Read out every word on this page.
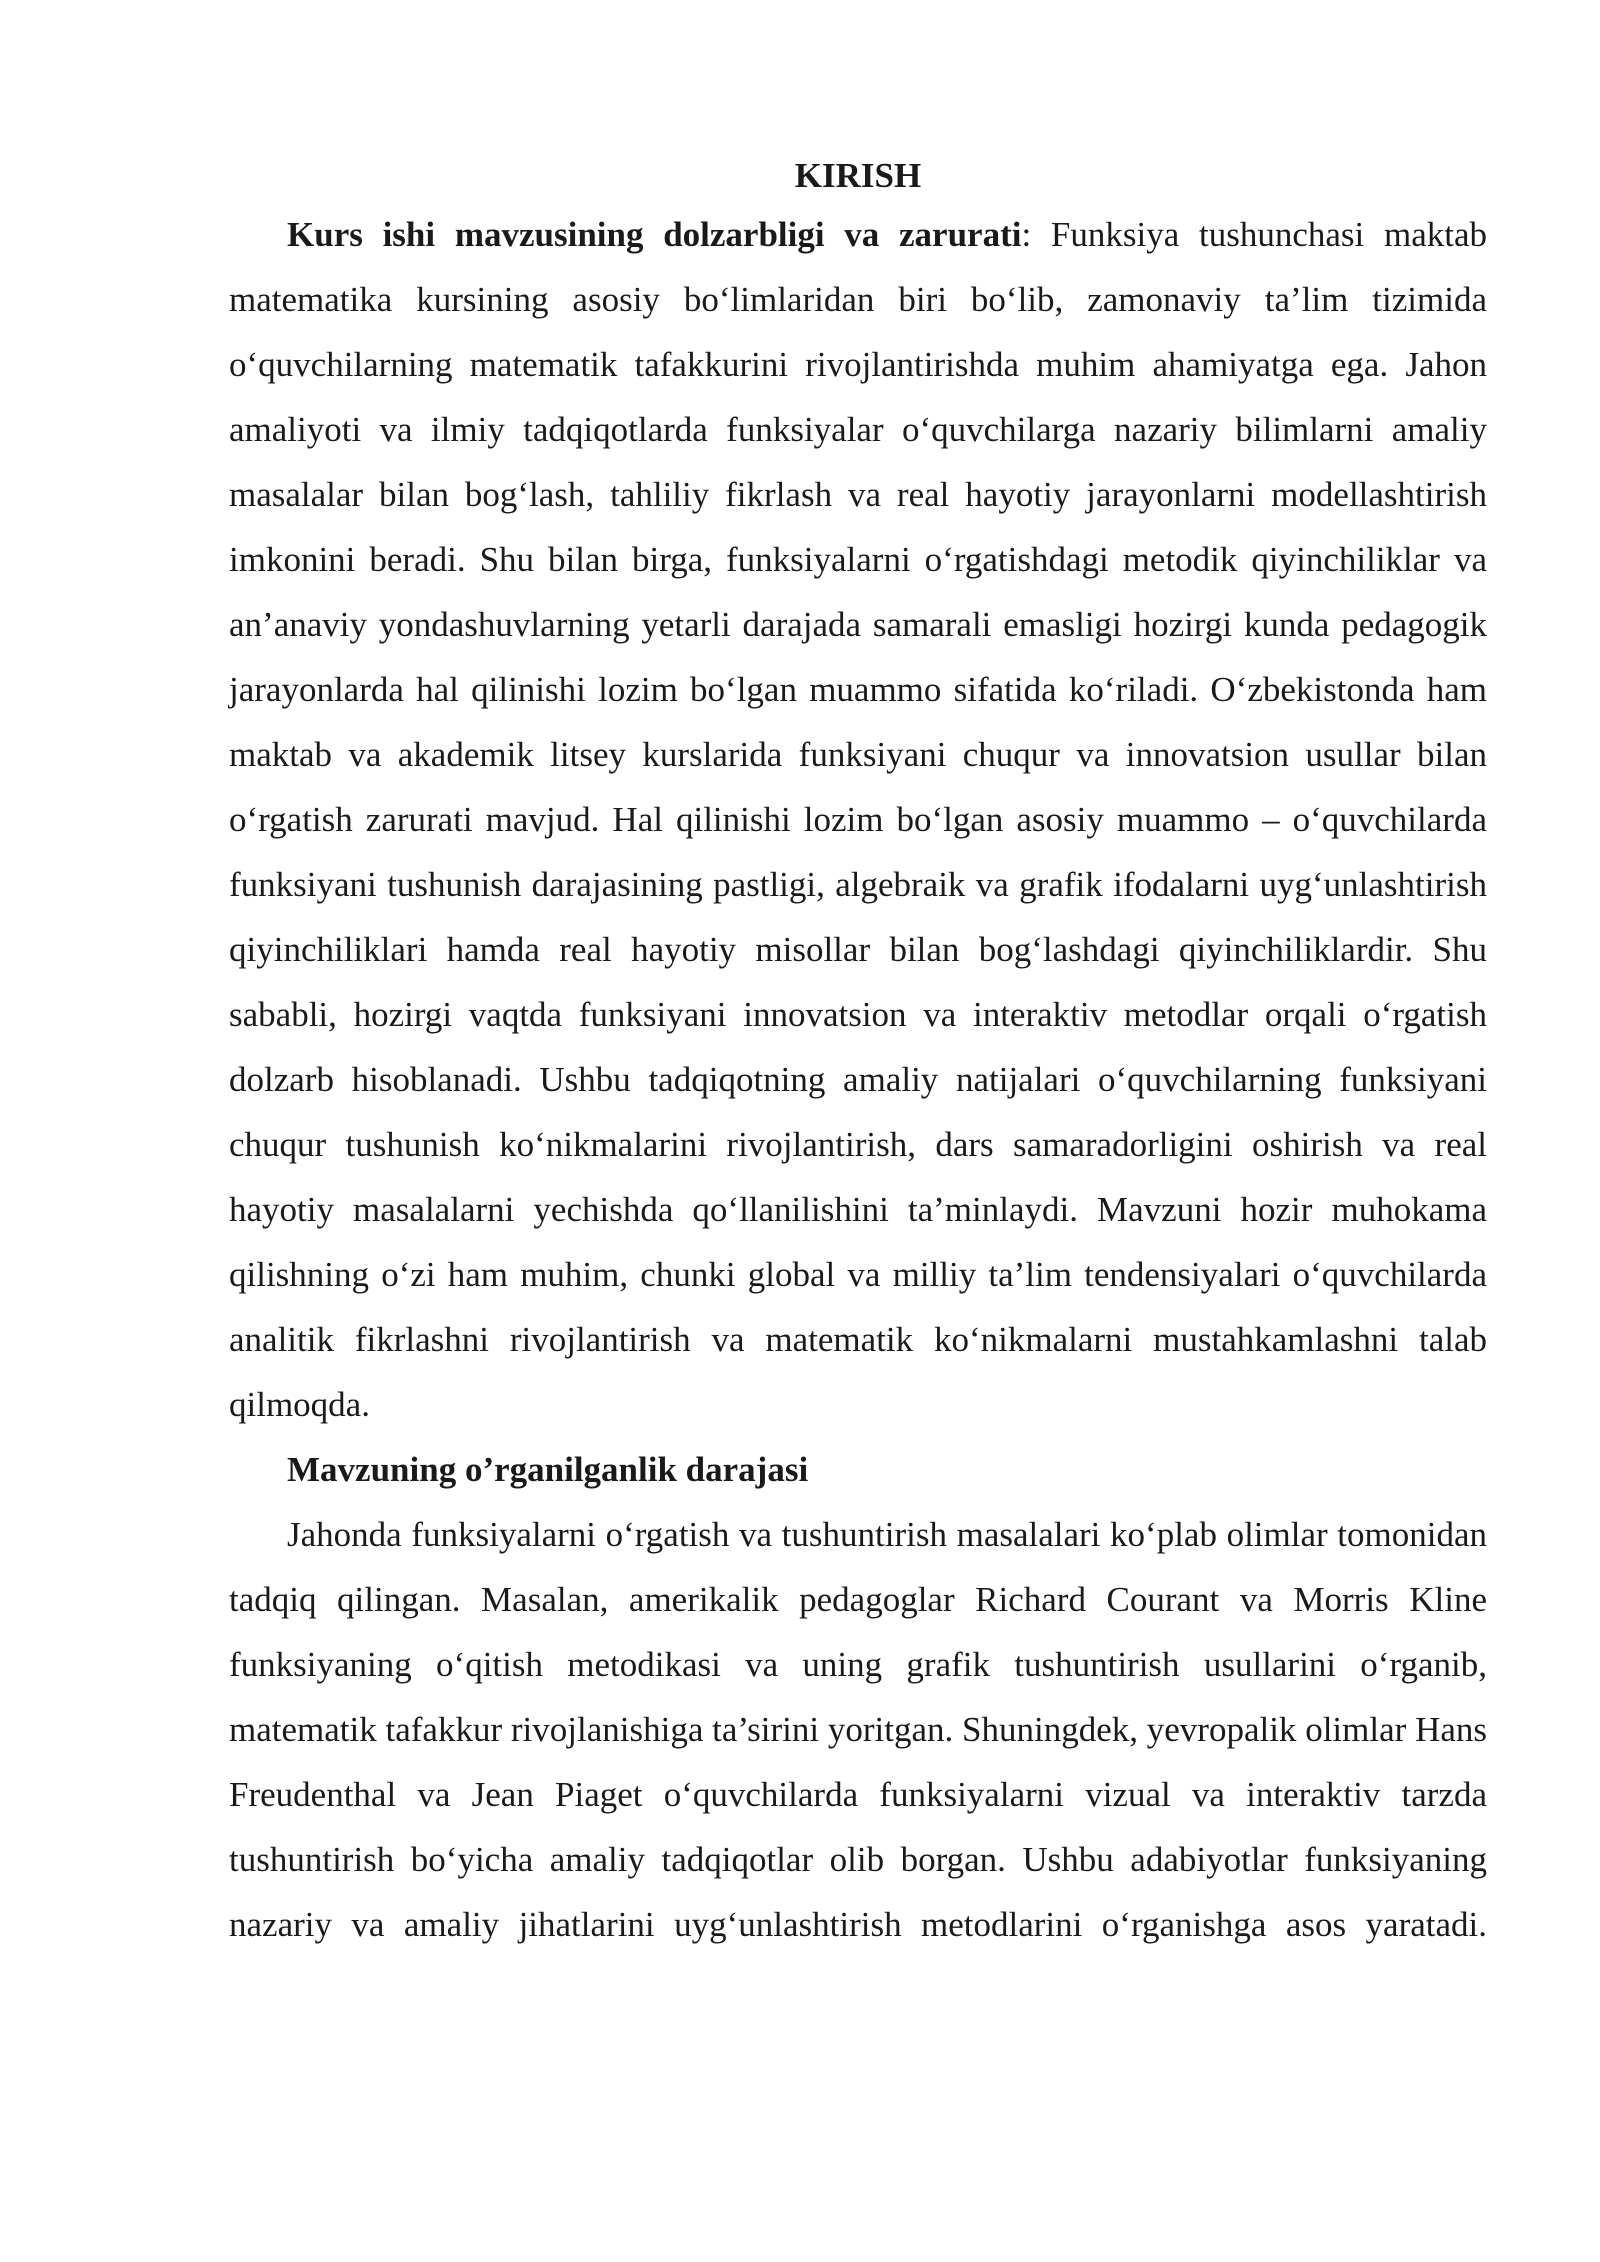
KIRISH

Kurs ishi mavzusining dolzarbligi va zarurati: Funksiya tushunchasi maktab matematika kursining asosiy bo‘limlaridan biri bo‘lib, zamonaviy ta’lim tizimida o‘quvchilarning matematik tafakkurini rivojlantirishda muhim ahamiyatga ega. Jahon amaliyoti va ilmiy tadqiqotlarda funksiyalar o‘quvchilarga nazariy bilimlarni amaliy masalalar bilan bog‘lash, tahliliy fikrlash va real hayotiy jarayonlarni modellashtirish imkonini beradi. Shu bilan birga, funksiyalarni o‘rgatishdagi metodik qiyinchiliklar va an’anaviy yondashuvlarning yetarli darajada samarali emasligi hozirgi kunda pedagogik jarayonlarda hal qilinishi lozim bo‘lgan muammo sifatida ko‘riladi. O‘zbekistonda ham maktab va akademik litsey kurslarida funksiyani chuqur va innovatsion usullar bilan o‘rgatish zarurati mavjud. Hal qilinishi lozim bo‘lgan asosiy muammo – o‘quvchilarda funksiyani tushunish darajasining pastligi, algebraik va grafik ifodalarni uyg‘unlashtirish qiyinchiliklari hamda real hayotiy misollar bilan bog‘lashdagi qiyinchiliklardir. Shu sababli, hozirgi vaqtda funksiyani innovatsion va interaktiv metodlar orqali o‘rgatish dolzarb hisoblanadi. Ushbu tadqiqotning amaliy natijalari o‘quvchilarning funksiyani chuqur tushunish ko‘nikmalarini rivojlantirish, dars samaradorligini oshirish va real hayotiy masalalarni yechishda qo‘llanilishini ta’minlaydi. Mavzuni hozir muhokama qilishning o‘zi ham muhim, chunki global va milliy ta’lim tendensiyalari o‘quvchilarda analitik fikrlashni rivojlantirish va matematik ko‘nikmalarni mustahkamlashni talab qilmoqda.

Mavzuning o’rganilganlik darajasi

Jahonda funksiyalarni o‘rgatish va tushuntirish masalalari ko‘plab olimlar tomonidan tadqiq qilingan. Masalan, amerikalik pedagoglar Richard Courant va Morris Kline funksiyaning o‘qitish metodikasi va uning grafik tushuntirish usullarini o‘rganib, matematik tafakkur rivojlanishiga ta’sirini yoritgan. Shuningdek, yevropalik olimlar Hans Freudenthal va Jean Piaget o‘quvchilarda funksiyalarni vizual va interaktiv tarzda tushuntirish bo‘yicha amaliy tadqiqotlar olib borgan. Ushbu adabiyotlar funksiyaning nazariy va amaliy jihatlarini uyg‘unlashtirish metodlarini o‘rganishga asos yaratadi.
